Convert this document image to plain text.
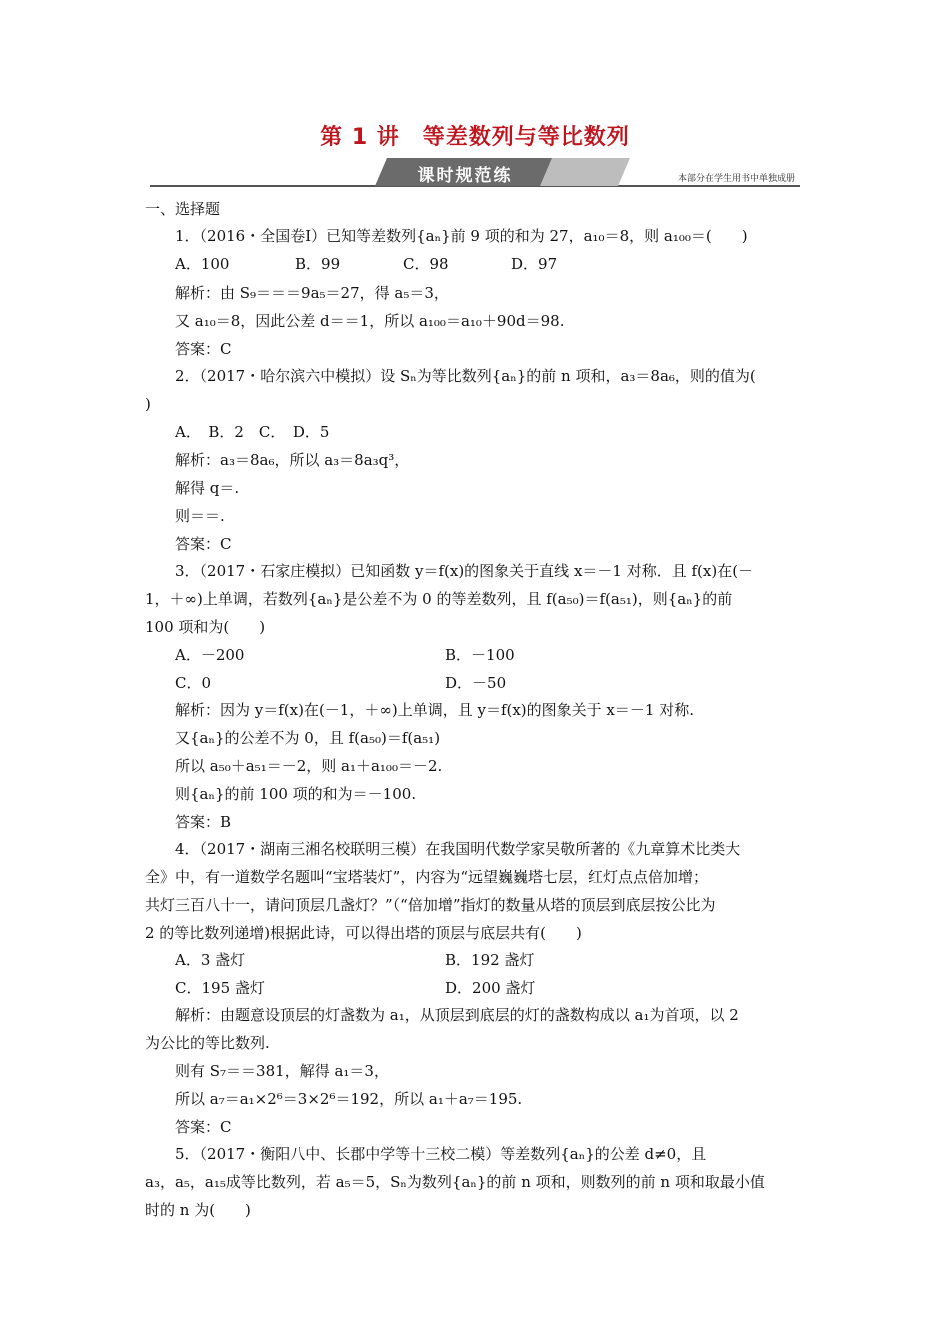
第 1 讲　等差数列与等比数列
课时规范练	本部分在学生用书中单独成册
一、选择题
1．（2016・全国卷Ⅰ）已知等差数列{aₙ}前 9 项的和为 27，a₁₀＝8，则 a₁₀₀＝(　　)
A．100	B．99	C．98	D．97
解析：由 S₉＝＝＝9a₅＝27，得 a₅＝3，
又 a₁₀＝8，因此公差 d＝＝1，所以 a₁₀₀＝a₁₀＋90d＝98.
答案：C
2．（2017・哈尔滨六中模拟）设 Sₙ为等比数列{aₙ}的前 n 项和，a₃＝8a₆，则的值为(
)
A．　B．2　C．　D．5
解析：a₃＝8a₆，所以 a₃＝8a₃q³，
解得 q＝.
则＝＝.
答案：C
3．（2017・石家庄模拟）已知函数 y＝f(x)的图象关于直线 x＝－1 对称．且 f(x)在(－
1，＋∞)上单调，若数列{aₙ}是公差不为 0 的等差数列，且 f(a₅₀)＝f(a₅₁)，则{aₙ}的前
100 项和为(　　)
A．－200	B．－100
C．0	D．－50
解析：因为 y＝f(x)在(－1，＋∞)上单调，且 y＝f(x)的图象关于 x＝－1 对称.
又{aₙ}的公差不为 0，且 f(a₅₀)＝f(a₅₁)
所以 a₅₀＋a₅₁＝－2，则 a₁＋a₁₀₀＝－2.
则{aₙ}的前 100 项的和为＝－100.
答案：B
4．（2017・湖南三湘名校联明三模）在我国明代数学家吴敬所著的《九章算术比类大
全》中，有一道数学名题叫“宝塔装灯”，内容为“远望巍巍塔七层，红灯点点倍加增；
共灯三百八十一，请问顶层几盏灯？”（“倍加增”指灯的数量从塔的顶层到底层按公比为
2 的等比数列递增)根据此诗，可以得出塔的顶层与底层共有(　　)
A．3 盏灯	B．192 盏灯
C．195 盏灯	D．200 盏灯
解析：由题意设顶层的灯盏数为 a₁，从顶层到底层的灯的盏数构成以 a₁为首项，以 2
为公比的等比数列.
则有 S₇＝＝381，解得 a₁＝3，
所以 a₇＝a₁×2⁶＝3×2⁶＝192，所以 a₁＋a₇＝195.
答案：C
5．（2017・衡阳八中、长郡中学等十三校二模）等差数列{aₙ}的公差 d≠0，且
a₃，a₅，a₁₅成等比数列，若 a₅＝5，Sₙ为数列{aₙ}的前 n 项和，则数列的前 n 项和取最小值
时的 n 为(　　)
